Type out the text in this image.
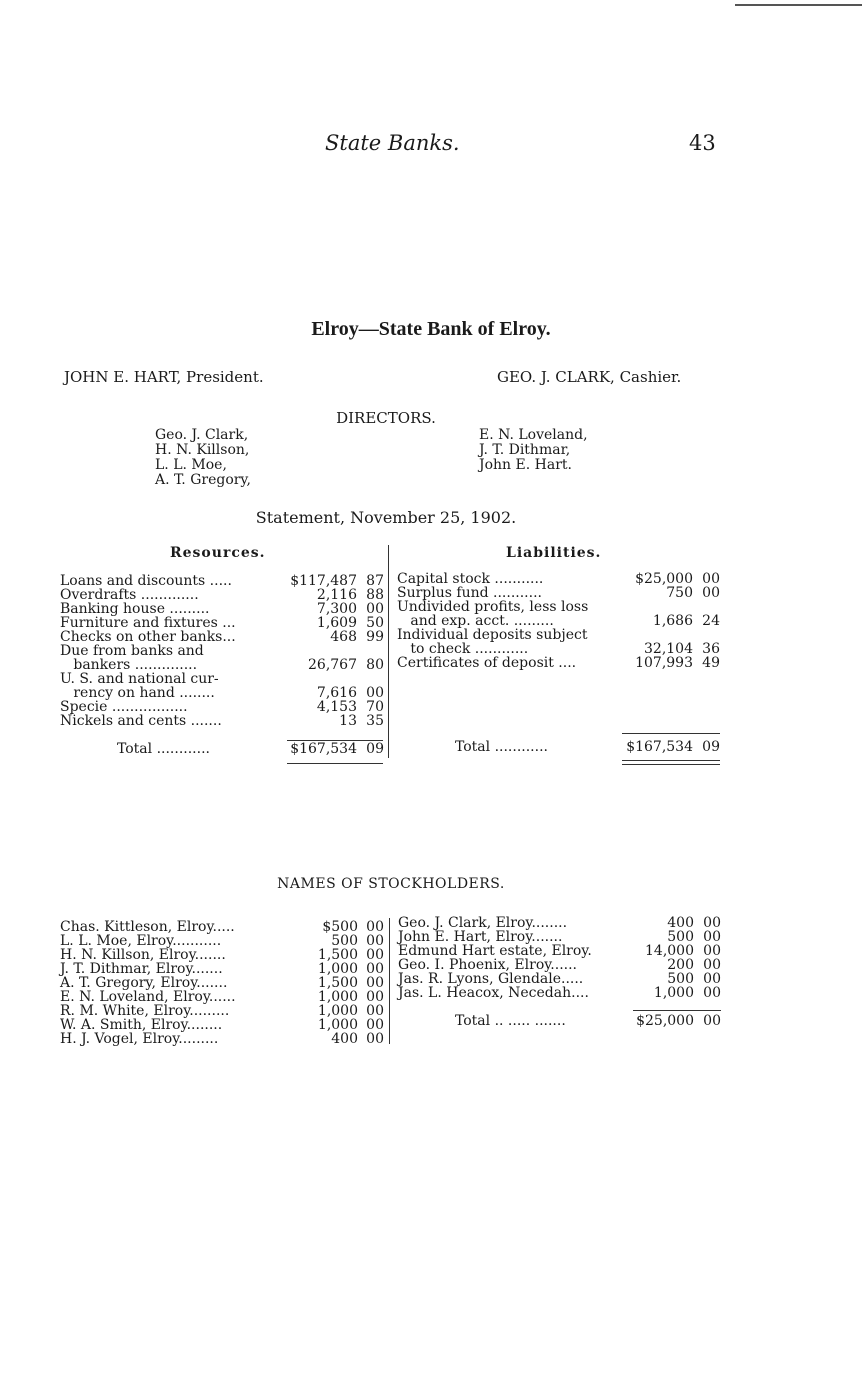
State Banks.	43
Elroy—State Bank of Elroy.
JOHN E. HART, President.	GEO. J. CLARK, Cashier.
DIRECTORS.
Geo. J. Clark,
H. N. Killson,
L. L. Moe,
A. T. Gregory,
E. N. Loveland,
J. T. Dithmar,
John E. Hart.
Statement, November 25, 1902.
Resources.	Liabilities.
Loans and discounts .....	$117,487 87
Overdrafts .............	2,116 88
Banking house .........	7,300 00
Furniture and fixtures ...	1,609 50
Checks on other banks...	468 99
Due from banks and
bankers ..............	26,767 80
U. S. and national cur-
rency on hand ........	7,616 00
Specie .................	4,153 70
Nickels and cents .......	13 35
Capital stock ...........	$25,000 00
Surplus fund ...........	750 00
Undivided profits, less loss
and exp. acct. .........	1,686 24
Individual deposits subject
to check ............	32,104 36
Certificates of deposit ....	107,993 49
Total ............	$167,534 09	Total ............	$167,534 09
NAMES OF STOCKHOLDERS.
Chas. Kittleson, Elroy.....	$500 00
L. L. Moe, Elroy...........	500 00
H. N. Killson, Elroy.......	1,500 00
J. T. Dithmar, Elroy.......	1,000 00
A. T. Gregory, Elroy.......	1,500 00
E. N. Loveland, Elroy......	1,000 00
R. M. White, Elroy.........	1,000 00
W. A. Smith, Elroy........	1,000 00
H. J. Vogel, Elroy.........	400 00
Geo. J. Clark, Elroy........	400 00
John E. Hart, Elroy.......	500 00
Edmund Hart estate, Elroy.	14,000 00
Geo. I. Phoenix, Elroy......	200 00
Jas. R. Lyons, Glendale.....	500 00
Jas. L. Heacox, Necedah....	1,000 00
Total .. ..... .......	$25,000 00
